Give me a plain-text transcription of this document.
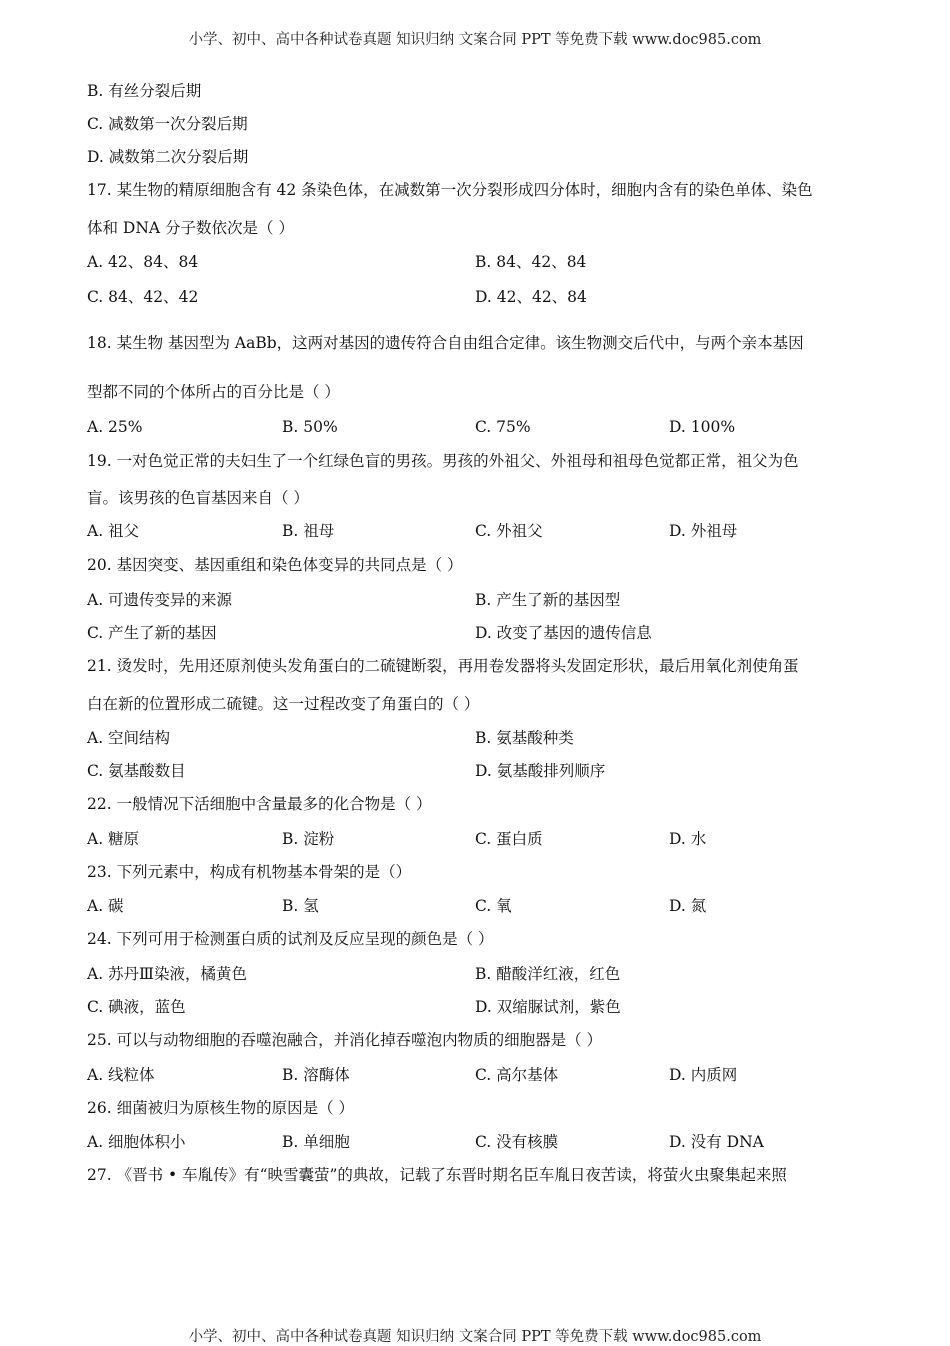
小学、初中、高中各种试卷真题 知识归纳 文案合同 PPT 等免费下载 www.doc985.com
B. 有丝分裂后期
C. 减数第一次分裂后期
D. 减数第二次分裂后期
17. 某生物的精原细胞含有 42 条染色体，在减数第一次分裂形成四分体时，细胞内含有的染色单体、染色
体和 DNA 分子数依次是（ ）
A. 42、84、84	B. 84、42、84
C. 84、42、42	D. 42、42、84
18. 某生物 基因型为 AaBb，这两对基因的遗传符合自由组合定律。该生物测交后代中，与两个亲本基因
型都不同的个体所占的百分比是（ ）
A. 25%	B. 50%	C. 75%	D. 100%
19. 一对色觉正常的夫妇生了一个红绿色盲的男孩。男孩的外祖父、外祖母和祖母色觉都正常，祖父为色
盲。该男孩的色盲基因来自（ ）
A. 祖父	B. 祖母	C. 外祖父	D. 外祖母
20. 基因突变、基因重组和染色体变异的共同点是（ ）
A. 可遗传变异的来源	B. 产生了新的基因型
C. 产生了新的基因	D. 改变了基因的遗传信息
21. 烫发时，先用还原剂使头发角蛋白的二硫键断裂，再用卷发器将头发固定形状，最后用氧化剂使角蛋
白在新的位置形成二硫键。这一过程改变了角蛋白的（ ）
A. 空间结构	B. 氨基酸种类
C. 氨基酸数目	D. 氨基酸排列顺序
22. 一般情况下活细胞中含量最多的化合物是（ ）
A. 糖原	B. 淀粉	C. 蛋白质	D. 水
23. 下列元素中，构成有机物基本骨架的是（）
A. 碳	B. 氢	C. 氧	D. 氮
24. 下列可用于检测蛋白质的试剂及反应呈现的颜色是（ ）
A. 苏丹Ⅲ染液，橘黄色	B. 醋酸洋红液，红色
C. 碘液，蓝色	D. 双缩脲试剂，紫色
25. 可以与动物细胞的吞噬泡融合，并消化掉吞噬泡内物质的细胞器是（ ）
A. 线粒体	B. 溶酶体	C. 高尔基体	D. 内质网
26. 细菌被归为原核生物的原因是（ ）
A. 细胞体积小	B. 单细胞	C. 没有核膜	D. 没有 DNA
27. 《晋书 • 车胤传》有“映雪囊萤”的典故，记载了东晋时期名臣车胤日夜苦读，将萤火虫聚集起来照
小学、初中、高中各种试卷真题 知识归纳 文案合同 PPT 等免费下载 www.doc985.com
